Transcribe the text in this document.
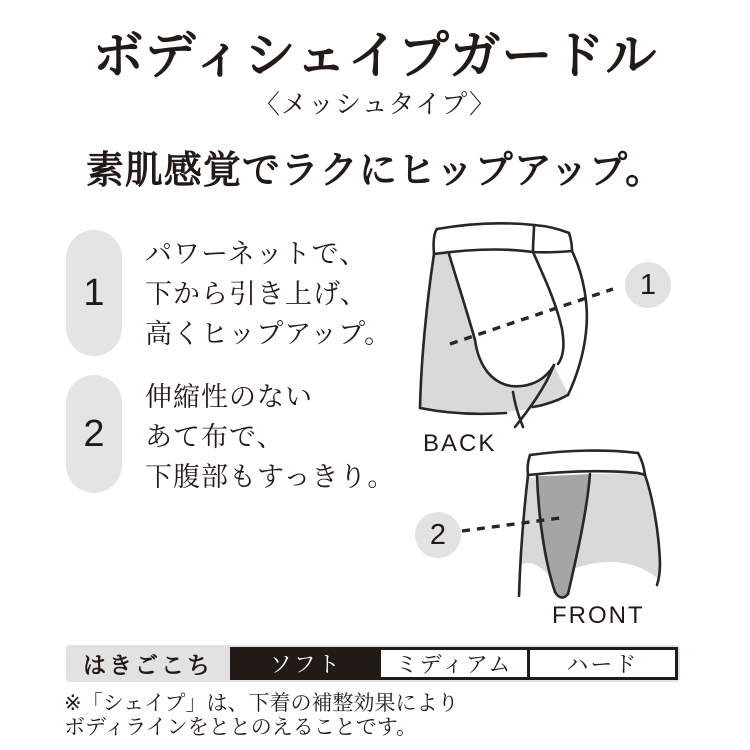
ボディシェイプガードル
〈メッシュタイプ〉
素肌感覚でラクにヒップアップ。
1
パワーネットで、
下から引き上げ、
高くヒップアップ。
2
伸縮性のない
あて布で、
下腹部もすっきり。
1
BACK
2
FRONT
はきごこち	ソフト	ミディアム	ハード
※「シェイプ」は、下着の補整効果により
ボディラインをととのえることです。
